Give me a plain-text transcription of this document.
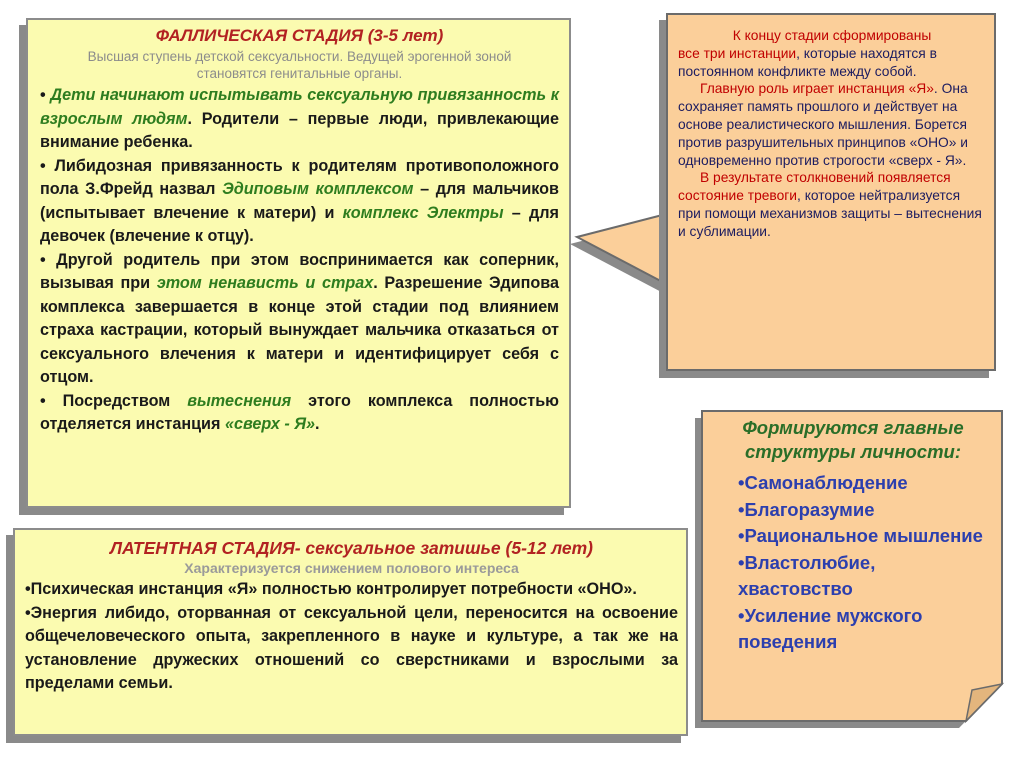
ФАЛЛИЧЕСКАЯ СТАДИЯ (3-5 лет)

Высшая ступень детской сексуальности. Ведущей эрогенной зоной становятся генитальные органы.

• Дети начинают испытывать сексуальную привязанность к взрослым людям. Родители – первые люди, привлекающие внимание ребенка.

• Либидозная привязанность к родителям противоположного пола З.Фрейд назвал Эдиповым комплексом – для мальчиков (испытывает влечение к матери) и комплекс Электры – для девочек (влечение к отцу).

• Другой родитель при этом воспринимается как соперник, вызывая при этом ненависть и страх. Разрешение Эдипова комплекса завершается в конце этой стадии под влиянием страха кастрации, который вынуждает мальчика отказаться от сексуального влечения к матери и идентифицирует себя с отцом.

• Посредством вытеснения этого комплекса полностью отделяется инстанция «сверх - Я».

К концу стадии сформированы

все три инстанции, которые находятся в постоянном конфликте между собой.

Главную роль играет инстанция «Я». Она сохраняет память прошлого и действует на основе реалистического мышления. Борется против разрушительных принципов «ОНО» и одновременно против строгости «сверх - Я».

В результате столкновений появляется состояние тревоги, которое нейтрализуется при помощи механизмов защиты – вытеснения и сублимации.

ЛАТЕНТНАЯ СТАДИЯ- сексуальное затишье (5-12 лет)

Характеризуется снижением полового интереса

•Психическая инстанция «Я» полностью контролирует потребности «ОНО».

•Энергия либидо, оторванная от сексуальной цели, переносится на освоение общечеловеческого опыта, закрепленного в науке и культуре, а так же на установление дружеских отношений со сверстниками и взрослыми за пределами семьи.

Формируются главные структуры личности:

•Самонаблюдение

•Благоразумие

•Рациональное мышление

•Властолюбие, хвастовство

•Усиление мужского поведения
